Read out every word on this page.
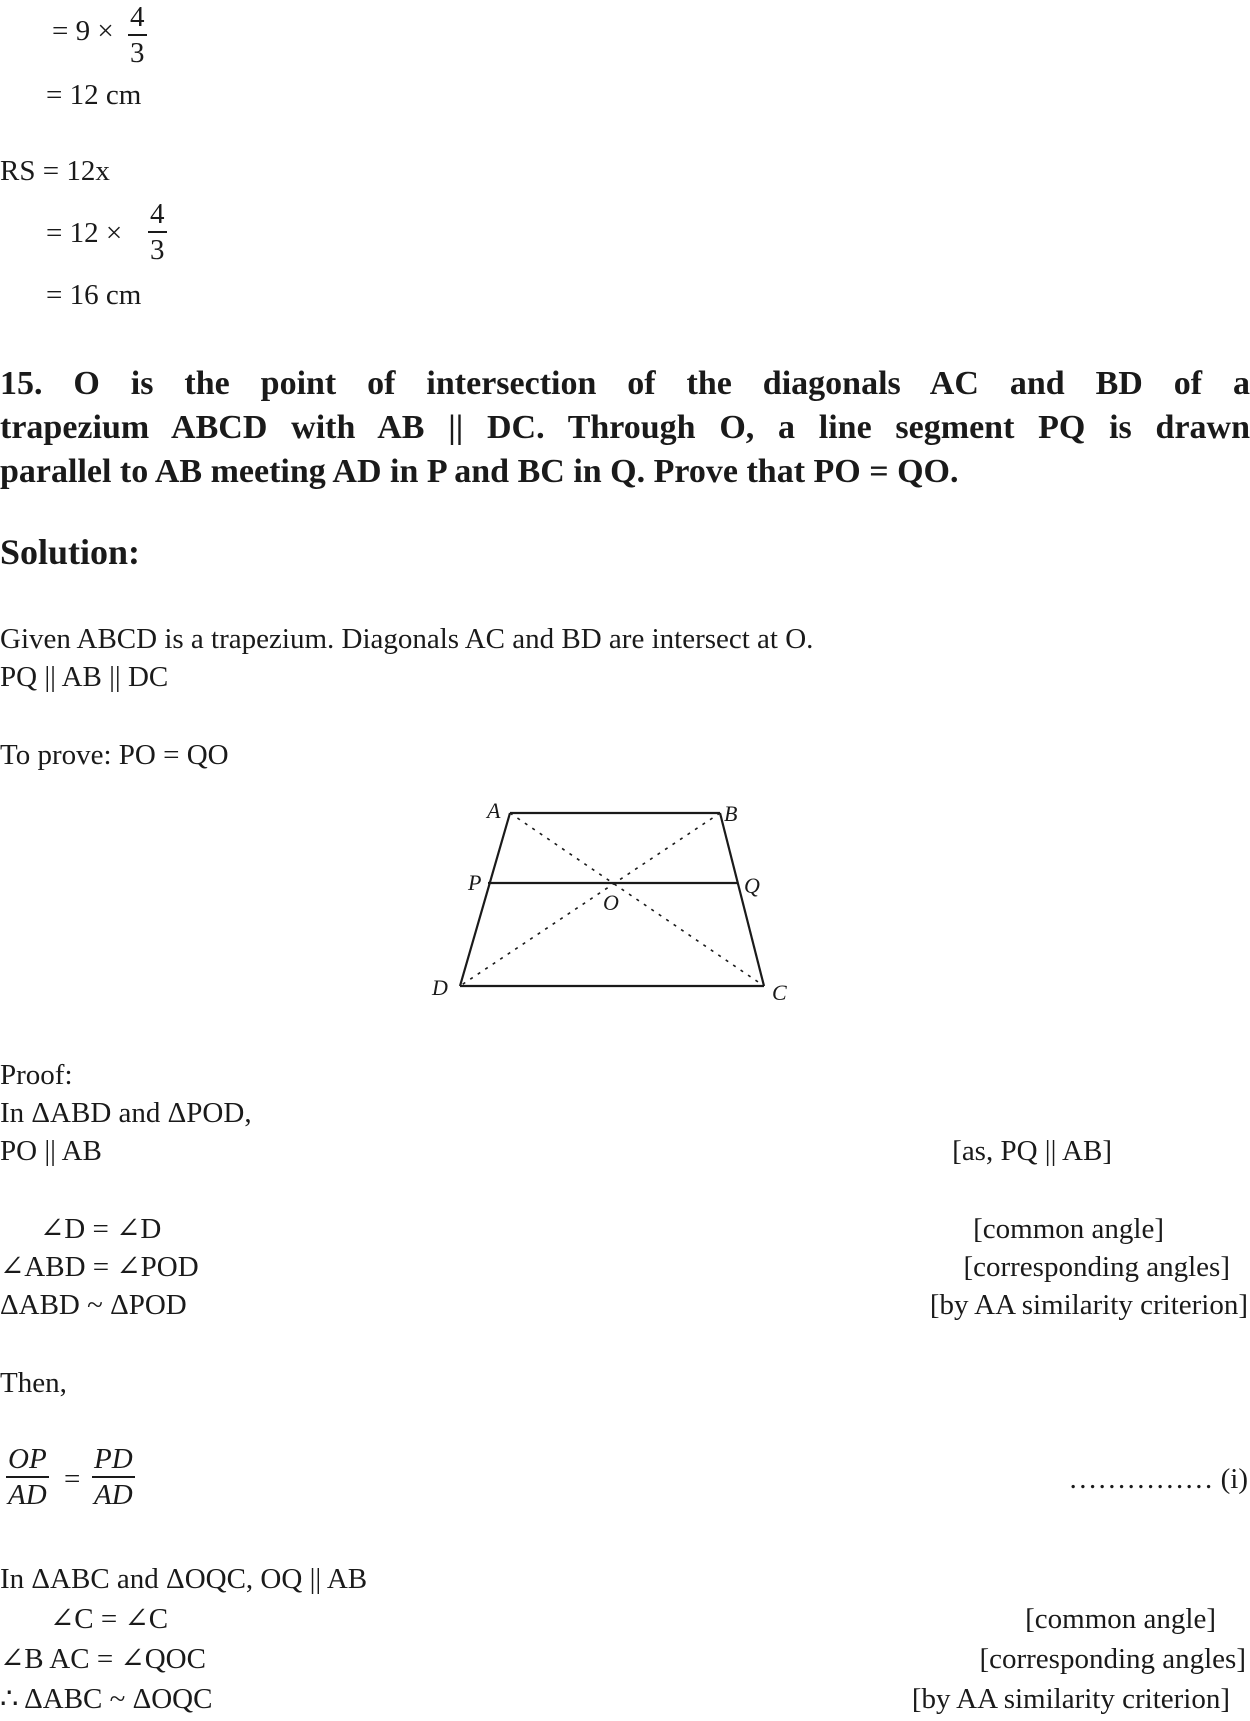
= $9 \times \frac{4}{3}$
= 12 cm
RS = 12x
= $12 \times \frac{4}{3}$
= 16 cm
15. O is the point of intersection of the diagonals AC and BD of a
trapezium ABCD with AB || DC. Through O, a line segment PQ is drawn
parallel to AB meeting AD in P and BC in Q. Prove that PO = QO.
Solution:
Given ABCD is a trapezium. Diagonals AC and BD are intersect at O.
PQ || AB || DC
To prove: PO = QO
A	B
P	Q
O
D	C
Proof:
In ΔABD and ΔPOD,
PO || AB	[as, PQ || AB]
∠D = ∠D	[common angle]
∠ABD = ∠POD	[corresponding angles]
ΔABD ~ ΔPOD	[by AA similarity criterion]
Then,
$\frac{OP}{AD} = \frac{PD}{AD}$	…………… (i)
In ΔABC and ΔOQC, OQ || AB
∠C = ∠C	[common angle]
∠B AC = ∠QOC	[corresponding angles]
∴ ΔABC ~ ΔOQC	[by AA similarity criterion]
